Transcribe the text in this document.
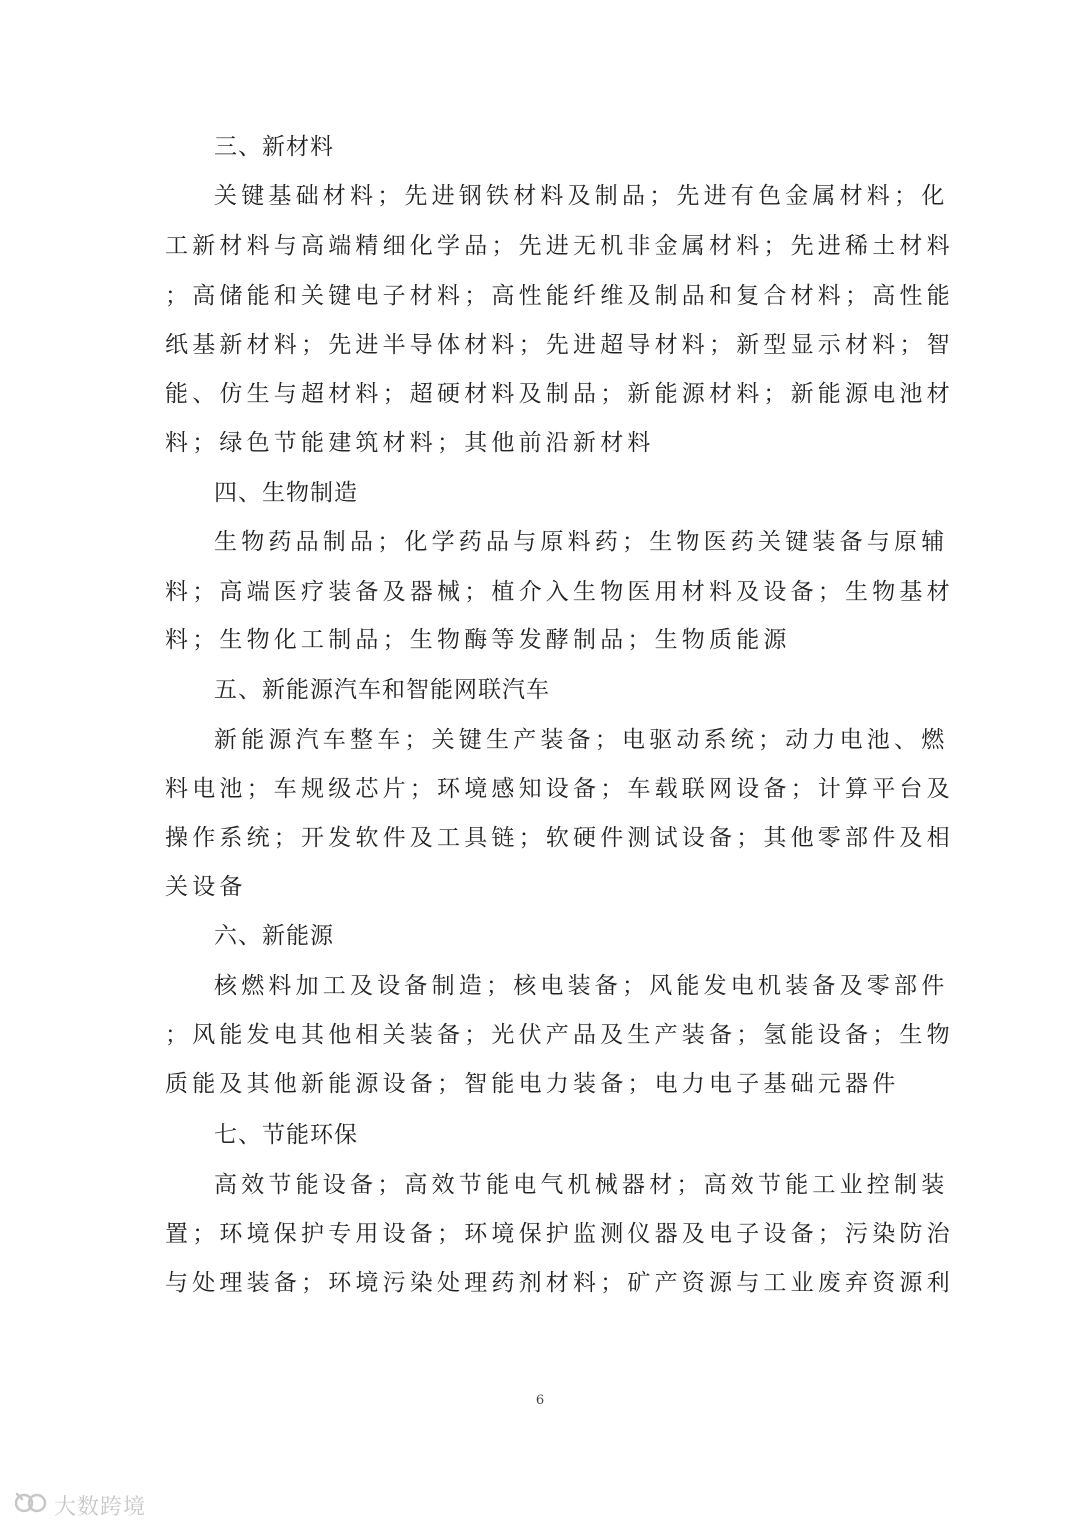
三、新材料
关键基础材料；先进钢铁材料及制品；先进有色金属材料；化
工新材料与高端精细化学品；先进无机非金属材料；先进稀土材料
；高储能和关键电子材料；高性能纤维及制品和复合材料；高性能
纸基新材料；先进半导体材料；先进超导材料；新型显示材料；智
能、仿生与超材料；超硬材料及制品；新能源材料；新能源电池材
料；绿色节能建筑材料；其他前沿新材料
四、生物制造
生物药品制品；化学药品与原料药；生物医药关键装备与原辅
料；高端医疗装备及器械；植介入生物医用材料及设备；生物基材
料；生物化工制品；生物酶等发酵制品；生物质能源
五、新能源汽车和智能网联汽车
新能源汽车整车；关键生产装备；电驱动系统；动力电池、燃
料电池；车规级芯片；环境感知设备；车载联网设备；计算平台及
操作系统；开发软件及工具链；软硬件测试设备；其他零部件及相
关设备
六、新能源
核燃料加工及设备制造；核电装备；风能发电机装备及零部件
；风能发电其他相关装备；光伏产品及生产装备；氢能设备；生物
质能及其他新能源设备；智能电力装备；电力电子基础元器件
七、节能环保
高效节能设备；高效节能电气机械器材；高效节能工业控制装
置；环境保护专用设备；环境保护监测仪器及电子设备；污染防治
与处理装备；环境污染处理药剂材料；矿产资源与工业废弃资源利
6
大数跨境
